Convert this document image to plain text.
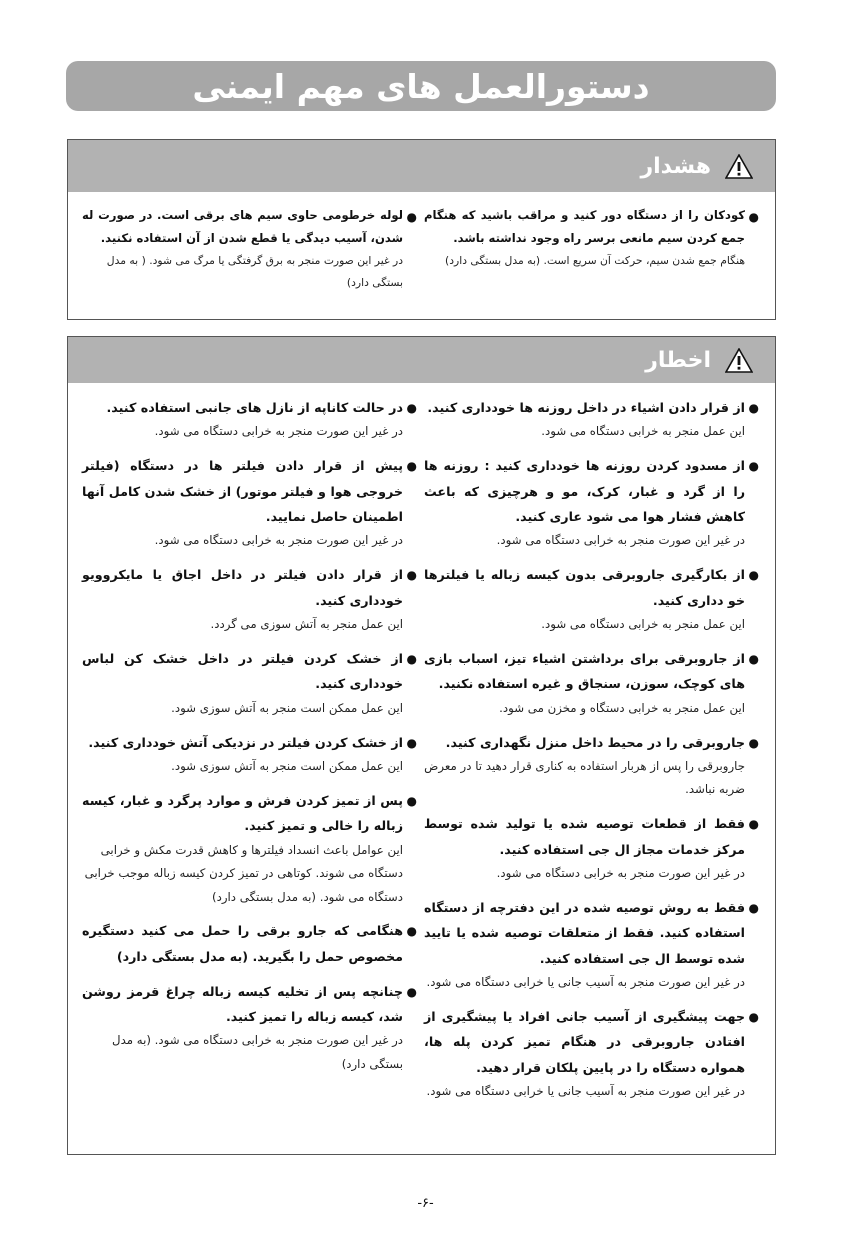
دستورالعمل های مهم ایمنی
هشدار
●
کودکان را از دستگاه دور کنید و مراقب باشید که هنگام جمع کردن سیم مانعی برسر راه وجود نداشته باشد.
هنگام جمع شدن سیم، حرکت آن سریع است. (به مدل بستگی دارد)
●
لوله خرطومی حاوی سیم های برقی است. در صورت له شدن، آسیب دیدگی یا قطع شدن از آن استفاده نکنید.
در غیر این صورت منجر به برق گرفتگی یا مرگ می شود. ( به مدل بستگی دارد)
اخطار
●
از قرار دادن اشیاء در داخل روزنه ها خودداری کنید.
این عمل منجر به خرابی دستگاه می شود.
●
از مسدود کردن روزنه ها خودداری کنید : روزنه ها را از گرد و غبار، کرک، مو و هرچیزی که باعث کاهش فشار هوا می شود عاری کنید.
در غیر این صورت منجر به خرابی دستگاه می شود.
●
از بکارگیری جاروبرقی بدون کیسه زباله یا فیلترها خو دداری کنید.
این عمل منجر به خرابی دستگاه می شود.
●
از جاروبرقی برای برداشتن اشیاء تیز، اسباب بازی های کوچک، سوزن، سنجاق و غیره استفاده نکنید.
این عمل منجر به خرابی دستگاه و مخزن می شود.
●
جاروبرقی را در محیط داخل منزل نگهداری کنید.
جاروبرقی را پس از هربار استفاده به کناری قرار دهید تا در معرض ضربه نباشد.
●
فقط از قطعات توصیه شده یا تولید شده توسط مرکز خدمات مجاز ال جی استفاده کنید.
در غیر این صورت منجر به خرابی دستگاه می شود.
●
فقط به روش توصیه شده در این دفترچه از دستگاه استفاده کنید. فقط از متعلقات توصیه شده یا تایید شده توسط ال جی استفاده کنید.
در غیر این صورت منجر به آسیب جانی یا خرابی دستگاه می شود.
●
جهت پیشگیری از آسیب جانی افراد یا پیشگیری از افتادن جاروبرقی در هنگام تمیز کردن پله ها، همواره دستگاه را در پایین پلکان قرار دهید.
در غیر این صورت منجر به آسیب جانی یا خرابی دستگاه می شود.
●
در حالت کاناپه از نازل های جانبی استفاده کنید.
در غیر این صورت منجر به خرابی دستگاه می شود.
●
پیش از قرار دادن فیلتر ها در دستگاه (فیلتر خروجی هوا و فیلتر موتور) از خشک شدن کامل آنها اطمینان حاصل نمایید.
در غیر این صورت منجر به خرابی دستگاه می شود.
●
از قرار دادن فیلتر در داخل اجاق یا مایکروویو خودداری کنید.
این عمل منجر به آتش سوزی می گردد.
●
از خشک کردن فیلتر در داخل خشک کن لباس خودداری کنید.
این عمل ممکن است منجر به آتش سوزی شود.
●
از خشک کردن فیلتر در نزدیکی آتش خودداری کنید.
این عمل ممکن است منجر به آتش سوزی شود.
●
پس از تمیز کردن فرش و موارد پرگرد و غبار، کیسه زباله را خالی و تمیز کنید.
این عوامل باعث انسداد فیلترها و کاهش قدرت مکش و خرابی دستگاه می شوند. کوتاهی در تمیز کردن کیسه زباله موجب خرابی دستگاه می شود. (به مدل بستگی دارد)
●
هنگامی که جارو برقی را حمل می کنید دستگیره مخصوص حمل را بگیرید. (به مدل بستگی دارد)
●
چنانچه پس از تخلیه کیسه زباله چراغ قرمز روشن شد، کیسه زباله را تمیز کنید.
در غیر این صورت منجر به خرابی دستگاه می شود. (به مدل بستگی دارد)
-۶-
